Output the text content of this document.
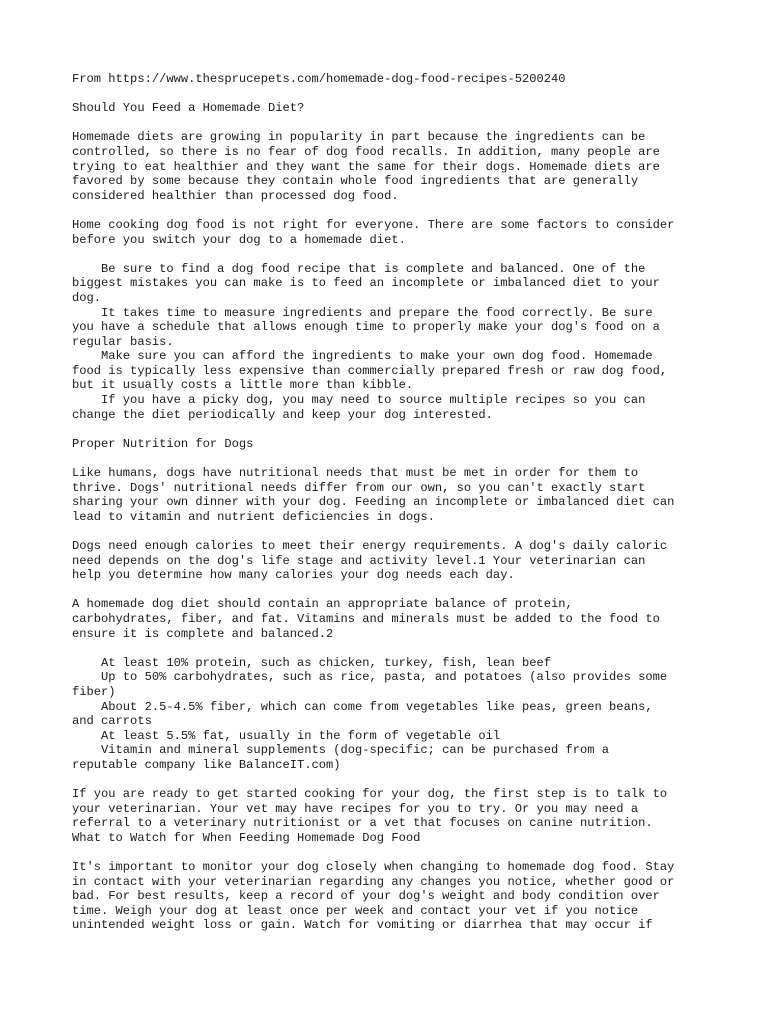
From https://www.thesprucepets.com/homemade-dog-food-recipes-5200240
Should You Feed a Homemade Diet?
Homemade diets are growing in popularity in part because the ingredients can be
controlled, so there is no fear of dog food recalls. In addition, many people are
trying to eat healthier and they want the same for their dogs. Homemade diets are
favored by some because they contain whole food ingredients that are generally
considered healthier than processed dog food.
Home cooking dog food is not right for everyone. There are some factors to consider
before you switch your dog to a homemade diet.
Be sure to find a dog food recipe that is complete and balanced. One of the
biggest mistakes you can make is to feed an incomplete or imbalanced diet to your
dog.
It takes time to measure ingredients and prepare the food correctly. Be sure
you have a schedule that allows enough time to properly make your dog's food on a
regular basis.
Make sure you can afford the ingredients to make your own dog food. Homemade
food is typically less expensive than commercially prepared fresh or raw dog food,
but it usually costs a little more than kibble.
If you have a picky dog, you may need to source multiple recipes so you can
change the diet periodically and keep your dog interested.
Proper Nutrition for Dogs
Like humans, dogs have nutritional needs that must be met in order for them to
thrive. Dogs' nutritional needs differ from our own, so you can't exactly start
sharing your own dinner with your dog. Feeding an incomplete or imbalanced diet can
lead to vitamin and nutrient deficiencies in dogs.
Dogs need enough calories to meet their energy requirements. A dog's daily caloric
need depends on the dog's life stage and activity level.1 Your veterinarian can
help you determine how many calories your dog needs each day.
A homemade dog diet should contain an appropriate balance of protein,
carbohydrates, fiber, and fat. Vitamins and minerals must be added to the food to
ensure it is complete and balanced.2
At least 10% protein, such as chicken, turkey, fish, lean beef
Up to 50% carbohydrates, such as rice, pasta, and potatoes (also provides some
fiber)
About 2.5-4.5% fiber, which can come from vegetables like peas, green beans,
and carrots
At least 5.5% fat, usually in the form of vegetable oil
Vitamin and mineral supplements (dog-specific; can be purchased from a
reputable company like BalanceIT.com)
If you are ready to get started cooking for your dog, the first step is to talk to
your veterinarian. Your vet may have recipes for you to try. Or you may need a
referral to a veterinary nutritionist or a vet that focuses on canine nutrition.
What to Watch for When Feeding Homemade Dog Food
It's important to monitor your dog closely when changing to homemade dog food. Stay
in contact with your veterinarian regarding any changes you notice, whether good or
bad. For best results, keep a record of your dog's weight and body condition over
time. Weigh your dog at least once per week and contact your vet if you notice
unintended weight loss or gain. Watch for vomiting or diarrhea that may occur if
